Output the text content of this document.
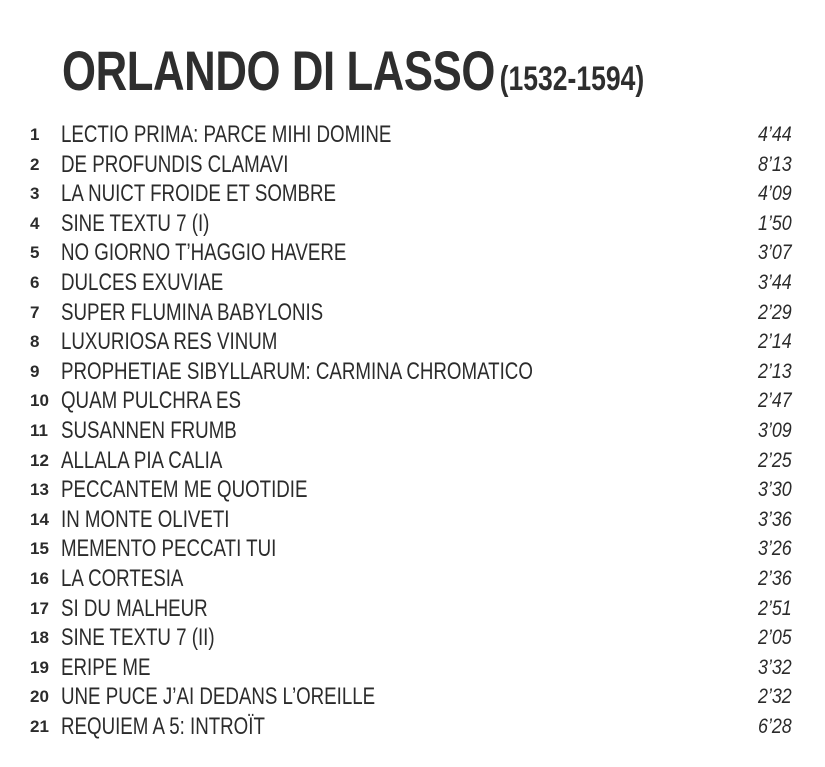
ORLANDO DI LASSO (1532-1594)
1 LECTIO PRIMA: PARCE MIHI DOMINE	4’44
2 DE PROFUNDIS CLAMAVI	8’13
3 LA NUICT FROIDE ET SOMBRE	4’09
4 SINE TEXTU 7 (I)	1’50
5 NO GIORNO T’HAGGIO HAVERE	3’07
6 DULCES EXUVIAE	3’44
7 SUPER FLUMINA BABYLONIS	2’29
8 LUXURIOSA RES VINUM	2’14
9 PROPHETIAE SIBYLLARUM: CARMINA CHROMATICO	2’13
10 QUAM PULCHRA ES	2’47
11 SUSANNEN FRUMB	3’09
12 ALLALA PIA CALIA	2’25
13 PECCANTEM ME QUOTIDIE	3’30
14 IN MONTE OLIVETI	3’36
15 MEMENTO PECCATI TUI	3’26
16 LA CORTESIA	2’36
17 SI DU MALHEUR	2’51
18 SINE TEXTU 7 (II)	2’05
19 ERIPE ME	3’32
20 UNE PUCE J’AI DEDANS L’OREILLE	2’32
21 REQUIEM A 5: INTROÏT	6’28
